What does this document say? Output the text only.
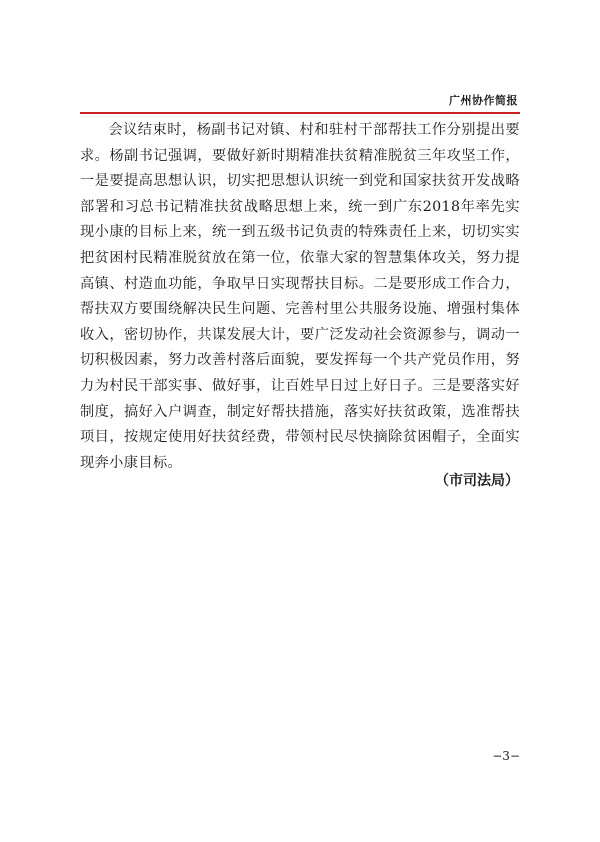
广州协作简报

会议结束时，杨副书记对镇、村和驻村干部帮扶工作分别提出要求。杨副书记强调，要做好新时期精准扶贫精准脱贫三年攻坚工作，一是要提高思想认识，切实把思想认识统一到党和国家扶贫开发战略部署和习总书记精准扶贫战略思想上来，统一到广东2018年率先实现小康的目标上来，统一到五级书记负责的特殊责任上来，切切实实把贫困村民精准脱贫放在第一位，依靠大家的智慧集体攻关，努力提高镇、村造血功能，争取早日实现帮扶目标。二是要形成工作合力，帮扶双方要围绕解决民生问题、完善村里公共服务设施、增强村集体收入，密切协作，共谋发展大计，要广泛发动社会资源参与，调动一切积极因素，努力改善村落后面貌，要发挥每一个共产党员作用，努力为村民干部实事、做好事，让百姓早日过上好日子。三是要落实好制度，搞好入户调查，制定好帮扶措施，落实好扶贫政策，选准帮扶项目，按规定使用好扶贫经费，带领村民尽快摘除贫困帽子，全面实现奔小康目标。

（市司法局）
−3−
